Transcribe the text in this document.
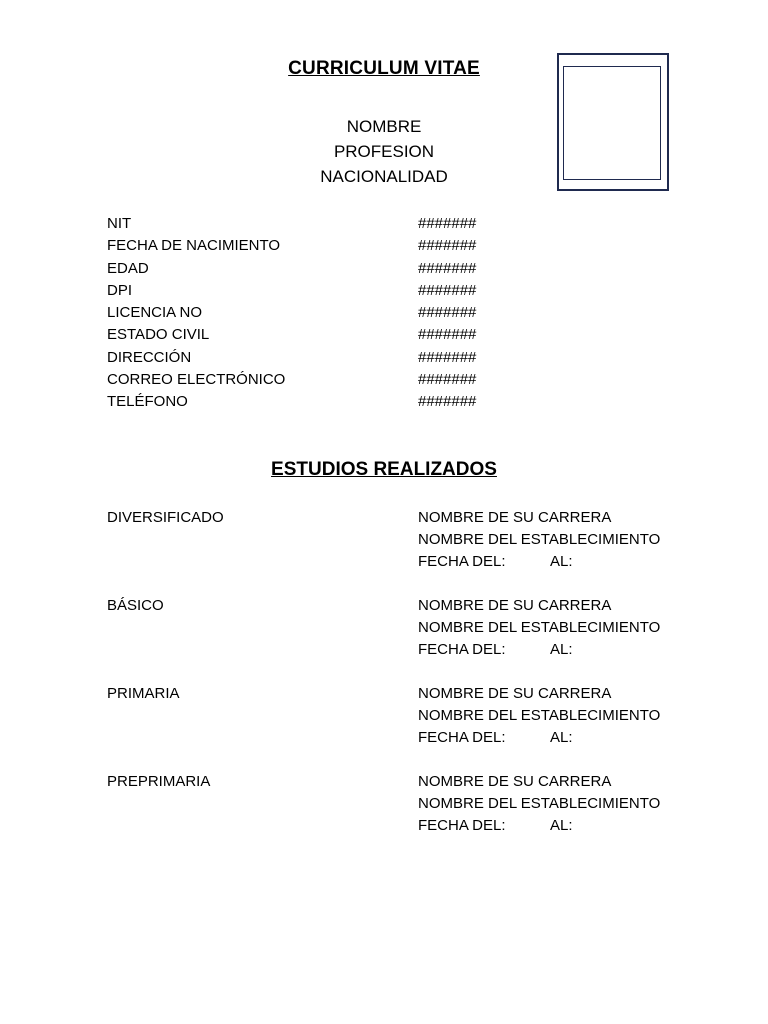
CURRICULUM VITAE
NOMBRE
PROFESION
NACIONALIDAD
NIT	#######
FECHA DE NACIMIENTO	#######
EDAD	#######
DPI	#######
LICENCIA NO	#######
ESTADO CIVIL	#######
DIRECCIÓN	#######
CORREO ELECTRÓNICO	#######
TELÉFONO	#######
ESTUDIOS REALIZADOS
DIVERSIFICADO	NOMBRE DE SU CARRERA
NOMBRE DEL ESTABLECIMIENTO
FECHA DEL:	AL:
BÁSICO	NOMBRE DE SU CARRERA
NOMBRE DEL ESTABLECIMIENTO
FECHA DEL:	AL:
PRIMARIA	NOMBRE DE SU CARRERA
NOMBRE DEL ESTABLECIMIENTO
FECHA DEL:	AL:
PREPRIMARIA	NOMBRE DE SU CARRERA
NOMBRE DEL ESTABLECIMIENTO
FECHA DEL:	AL:
